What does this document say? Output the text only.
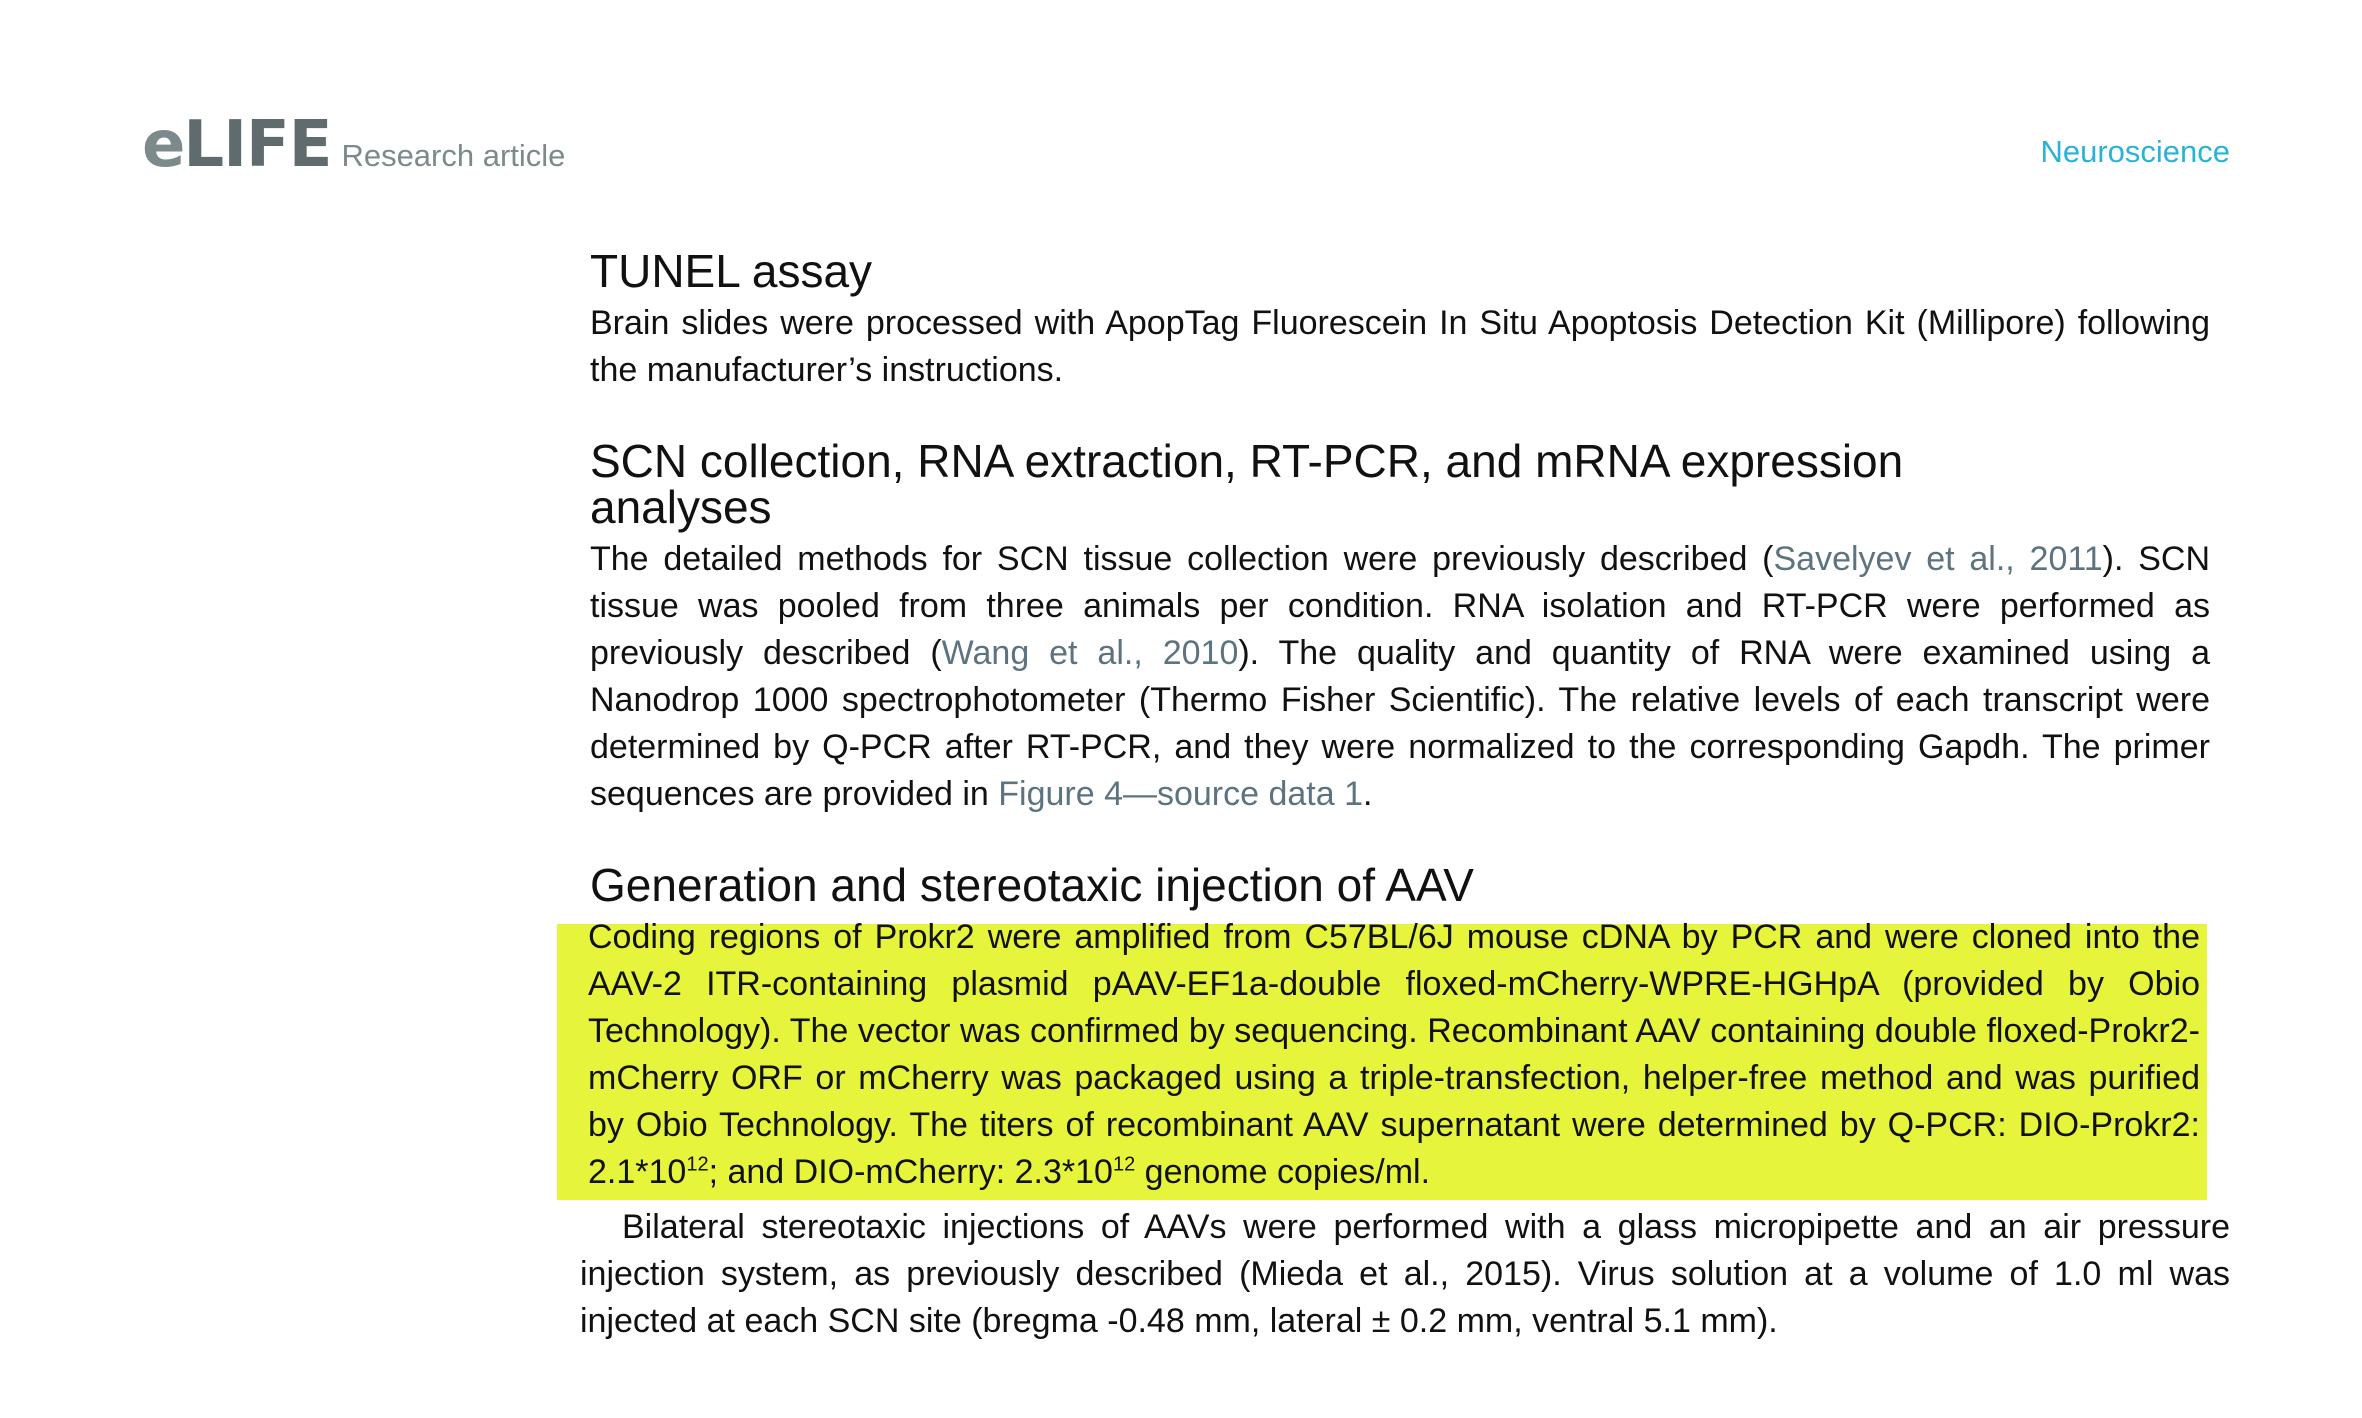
e LIFE Research article	Neuroscience
TUNEL assay

Brain slides were processed with ApopTag Fluorescein In Situ Apoptosis Detection Kit (Millipore) following the manufacturer’s instructions.

SCN collection, RNA extraction, RT-PCR, and mRNA expression analyses

The detailed methods for SCN tissue collection were previously described (Savelyev et al., 2011). SCN tissue was pooled from three animals per condition. RNA isolation and RT-PCR were performed as previously described (Wang et al., 2010). The quality and quantity of RNA were examined using a Nanodrop 1000 spectrophotometer (Thermo Fisher Scientific). The relative levels of each transcript were determined by Q-PCR after RT-PCR, and they were normalized to the corresponding Gapdh. The primer sequences are provided in Figure 4—source data 1.

Generation and stereotaxic injection of AAV

Coding regions of Prokr2 were amplified from C57BL/6J mouse cDNA by PCR and were cloned into the AAV-2 ITR-containing plasmid pAAV-EF1a-double floxed-mCherry-WPRE-HGHpA (provided by Obio Technology). The vector was confirmed by sequencing. Recombinant AAV containing double floxed-Prokr2-mCherry ORF or mCherry was packaged using a triple-transfection, helper-free method and was purified by Obio Technology. The titers of recombinant AAV supernatant were determined by Q-PCR: DIO-Prokr2: $2.1*10^{12}$; and DIO-mCherry: $2.3*10^{12}$ genome copies/ml.

Bilateral stereotaxic injections of AAVs were performed with a glass micropipette and an air pressure injection system, as previously described (Mieda et al., 2015). Virus solution at a volume of 1.0 ml was injected at each SCN site (bregma -0.48 mm, lateral ± 0.2 mm, ventral 5.1 mm).
